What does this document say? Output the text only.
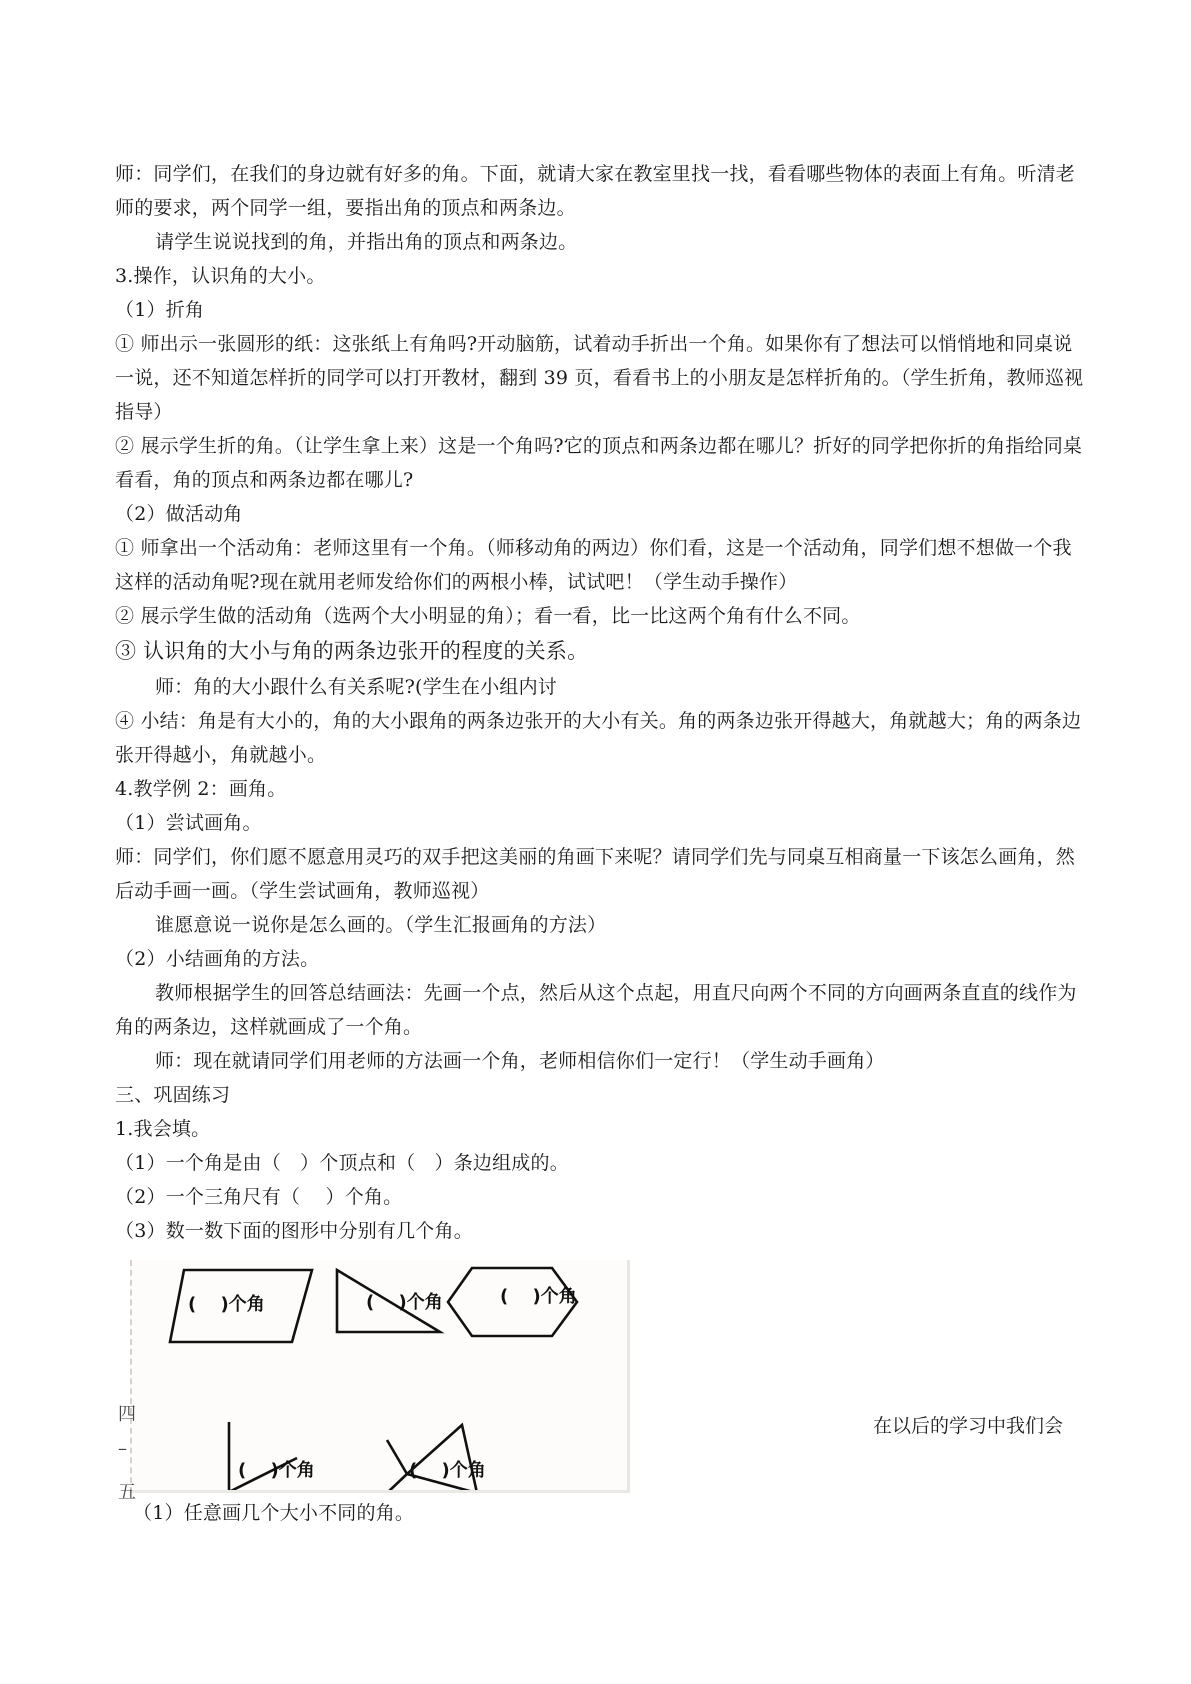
师：同学们，在我们的身边就有好多的角。下面，就请大家在教室里找一找，看看哪些物体的表面上有角。听清老师的要求，两个同学一组，要指出角的顶点和两条边。
请学生说说找到的角，并指出角的顶点和两条边。
3.操作，认识角的大小。
（1）折角
① 师出示一张圆形的纸：这张纸上有角吗?开动脑筋，试着动手折出一个角。如果你有了想法可以悄悄地和同桌说一说，还不知道怎样折的同学可以打开教材，翻到 39 页，看看书上的小朋友是怎样折角的。（学生折角，教师巡视指导）
② 展示学生折的角。（让学生拿上来）这是一个角吗?它的顶点和两条边都在哪儿？折好的同学把你折的角指给同桌看看，角的顶点和两条边都在哪儿?
（2）做活动角
① 师拿出一个活动角：老师这里有一个角。（师移动角的两边）你们看，这是一个活动角，同学们想不想做一个我这样的活动角呢?现在就用老师发给你们的两根小棒，试试吧！（学生动手操作）
② 展示学生做的活动角（选两个大小明显的角）；看一看，比一比这两个角有什么不同。
③ 认识角的大小与角的两条边张开的程度的关系。
师：角的大小跟什么有关系呢?(学生在小组内讨
④ 小结：角是有大小的，角的大小跟角的两条边张开的大小有关。角的两条边张开得越大，角就越大；角的两条边张开得越小，角就越小。
4.教学例 2：画角。
（1）尝试画角。
师：同学们，你们愿不愿意用灵巧的双手把这美丽的角画下来呢？请同学们先与同桌互相商量一下该怎么画角，然后动手画一画。（学生尝试画角，教师巡视）
谁愿意说一说你是怎么画的。（学生汇报画角的方法）
（2）小结画角的方法。
教师根据学生的回答总结画法：先画一个点，然后从这个点起，用直尺向两个不同的方向画两条直直的线作为角的两条边，这样就画成了一个角。
师：现在就请同学们用老师的方法画一个角，老师相信你们一定行！（学生动手画角）
三、巩固练习
1.我会填。
（1）一个角是由（　）个顶点和（　）条边组成的。
（2）一个三角尺有（　 ）个角。
（3）数一数下面的图形中分别有几个角。
(　 )个角	(　 )个角	(　 )个角
(　 )个角	(　 )个角
四
–
五
在以后的学习中我们会
（1）任意画几个大小不同的角。
